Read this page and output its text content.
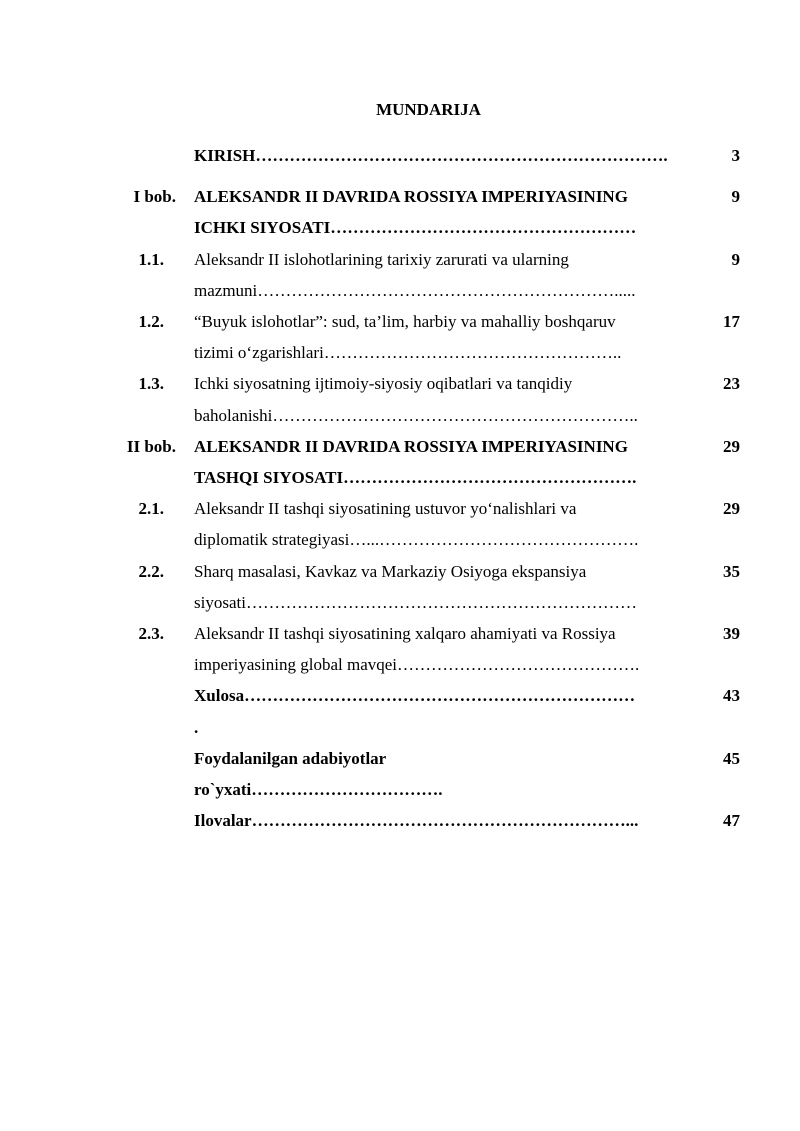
MUNDARIJA
KIRISH……………………………………………………………….	3
I bob. ALEKSANDR II DAVRIDA ROSSIYA IMPERIYASINING
ICHKI SIYOSATI………………………………………………
9
1.1. Aleksandr II islohotlarining tarixiy zarurati va ularning
mazmuni……………………………………………………….....
9
1.2. “Buyuk islohotlar”: sud, ta’lim, harbiy va mahalliy boshqaruv
tizimi o‘zgarishlari……………………………………………..
17
1.3. Ichki siyosatning ijtimoiy-siyosiy oqibatlari va tanqidiy
baholanishi………………………………………………………..
23
II bob. ALEKSANDR II DAVRIDA ROSSIYA IMPERIYASINING
TASHQI SIYOSATI…………………………………………….
29
2.1. Aleksandr II tashqi siyosatining ustuvor yo‘nalishlari va
diplomatik strategiyasi…...……………………………………….
29
2.2. Sharq masalasi, Kavkaz va Markaziy Osiyoga ekspansiya
siyosati……………………………………………………………
35
2.3. Aleksandr II tashqi siyosatining xalqaro ahamiyati va Rossiya
imperiyasining global mavqei…………………………………….
39
Xulosa……………………………………………………………
.
43
Foydalanilgan adabiyotlar
ro`yxati…………………………….
45
Ilovalar…………………………………………………………...	47
